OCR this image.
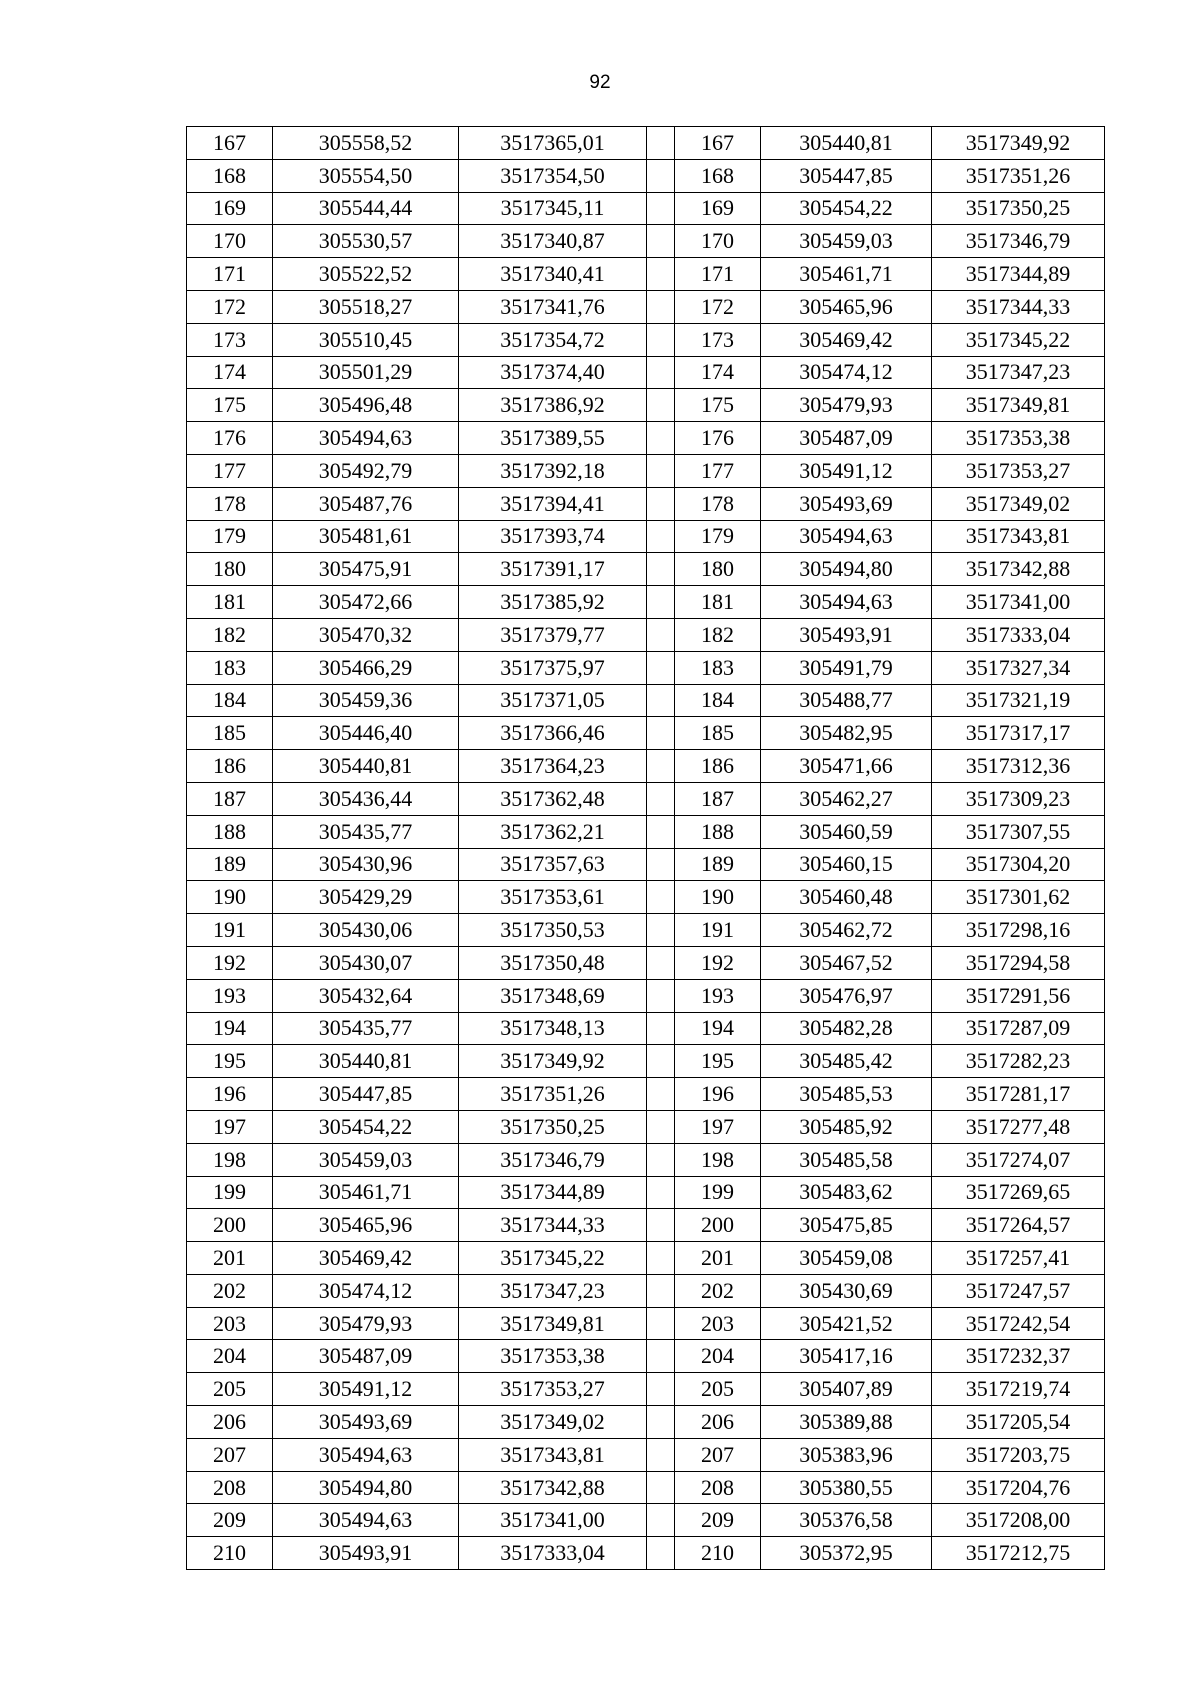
92
167	305558,52	3517365,01		167	305440,81	3517349,92
168	305554,50	3517354,50		168	305447,85	3517351,26
169	305544,44	3517345,11		169	305454,22	3517350,25
170	305530,57	3517340,87		170	305459,03	3517346,79
171	305522,52	3517340,41		171	305461,71	3517344,89
172	305518,27	3517341,76		172	305465,96	3517344,33
173	305510,45	3517354,72		173	305469,42	3517345,22
174	305501,29	3517374,40		174	305474,12	3517347,23
175	305496,48	3517386,92		175	305479,93	3517349,81
176	305494,63	3517389,55		176	305487,09	3517353,38
177	305492,79	3517392,18		177	305491,12	3517353,27
178	305487,76	3517394,41		178	305493,69	3517349,02
179	305481,61	3517393,74		179	305494,63	3517343,81
180	305475,91	3517391,17		180	305494,80	3517342,88
181	305472,66	3517385,92		181	305494,63	3517341,00
182	305470,32	3517379,77		182	305493,91	3517333,04
183	305466,29	3517375,97		183	305491,79	3517327,34
184	305459,36	3517371,05		184	305488,77	3517321,19
185	305446,40	3517366,46		185	305482,95	3517317,17
186	305440,81	3517364,23		186	305471,66	3517312,36
187	305436,44	3517362,48		187	305462,27	3517309,23
188	305435,77	3517362,21		188	305460,59	3517307,55
189	305430,96	3517357,63		189	305460,15	3517304,20
190	305429,29	3517353,61		190	305460,48	3517301,62
191	305430,06	3517350,53		191	305462,72	3517298,16
192	305430,07	3517350,48		192	305467,52	3517294,58
193	305432,64	3517348,69		193	305476,97	3517291,56
194	305435,77	3517348,13		194	305482,28	3517287,09
195	305440,81	3517349,92		195	305485,42	3517282,23
196	305447,85	3517351,26		196	305485,53	3517281,17
197	305454,22	3517350,25		197	305485,92	3517277,48
198	305459,03	3517346,79		198	305485,58	3517274,07
199	305461,71	3517344,89		199	305483,62	3517269,65
200	305465,96	3517344,33		200	305475,85	3517264,57
201	305469,42	3517345,22		201	305459,08	3517257,41
202	305474,12	3517347,23		202	305430,69	3517247,57
203	305479,93	3517349,81		203	305421,52	3517242,54
204	305487,09	3517353,38		204	305417,16	3517232,37
205	305491,12	3517353,27		205	305407,89	3517219,74
206	305493,69	3517349,02		206	305389,88	3517205,54
207	305494,63	3517343,81		207	305383,96	3517203,75
208	305494,80	3517342,88		208	305380,55	3517204,76
209	305494,63	3517341,00		209	305376,58	3517208,00
210	305493,91	3517333,04		210	305372,95	3517212,75
